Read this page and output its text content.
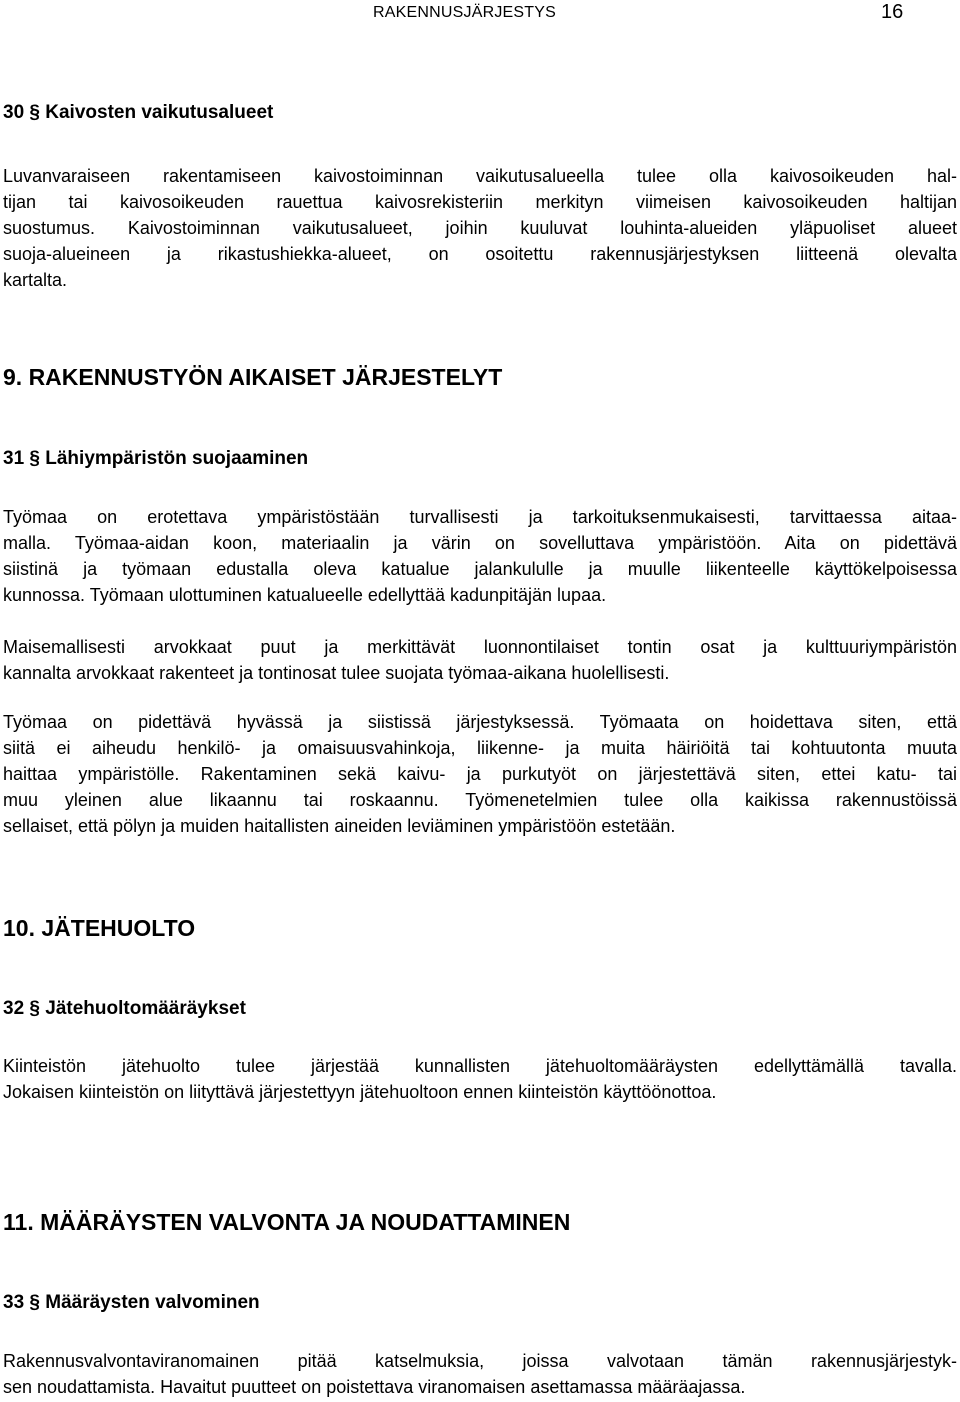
RAKENNUSJÄRJESTYS	16
30 § Kaivosten vaikutusalueet

Luvanvaraiseen rakentamiseen kaivostoiminnan vaikutusalueella tulee olla kaivosoikeuden hal-
tijan tai kaivosoikeuden rauettua kaivosrekisteriin merkityn viimeisen kaivosoikeuden haltijan
suostumus. Kaivostoiminnan vaikutusalueet, joihin kuuluvat louhinta-alueiden yläpuoliset alueet
suoja-alueineen ja rikastushiekka-alueet, on osoitettu rakennusjärjestyksen liitteenä olevalta
kartalta.

9. RAKENNUSTYÖN AIKAISET JÄRJESTELYT
31 § Lähiympäristön suojaaminen

Työmaa on erotettava ympäristöstään turvallisesti ja tarkoituksenmukaisesti, tarvittaessa aitaa-
malla. Työmaa-aidan koon, materiaalin ja värin on sovelluttava ympäristöön. Aita on pidettävä
siistinä ja työmaan edustalla oleva katualue jalankululle ja muulle liikenteelle käyttökelpoisessa
kunnossa. Työmaan ulottuminen katualueelle edellyttää kadunpitäjän lupaa.

Maisemallisesti arvokkaat puut ja merkittävät luonnontilaiset tontin osat ja kulttuuriympäristön
kannalta arvokkaat rakenteet ja tontinosat tulee suojata työmaa-aikana huolellisesti.

Työmaa on pidettävä hyvässä ja siistissä järjestyksessä. Työmaata on hoidettava siten, että
siitä ei aiheudu henkilö- ja omaisuusvahinkoja, liikenne- ja muita häiriöitä tai kohtuutonta muuta
haittaa ympäristölle. Rakentaminen sekä kaivu- ja purkutyöt on järjestettävä siten, ettei katu- tai
muu yleinen alue likaannu tai roskaannu. Työmenetelmien tulee olla kaikissa rakennustöissä
sellaiset, että pölyn ja muiden haitallisten aineiden leviäminen ympäristöön estetään.

10. JÄTEHUOLTO
32 § Jätehuoltomääräykset

Kiinteistön jätehuolto tulee järjestää kunnallisten jätehuoltomääräysten edellyttämällä tavalla.
Jokaisen kiinteistön on liityttävä järjestettyyn jätehuoltoon ennen kiinteistön käyttöönottoa.

11. MÄÄRÄYSTEN VALVONTA JA NOUDATTAMINEN
33 § Määräysten valvominen

Rakennusvalvontaviranomainen pitää katselmuksia, joissa valvotaan tämän rakennusjärjestyk-
sen noudattamista. Havaitut puutteet on poistettava viranomaisen asettamassa määräajassa.
